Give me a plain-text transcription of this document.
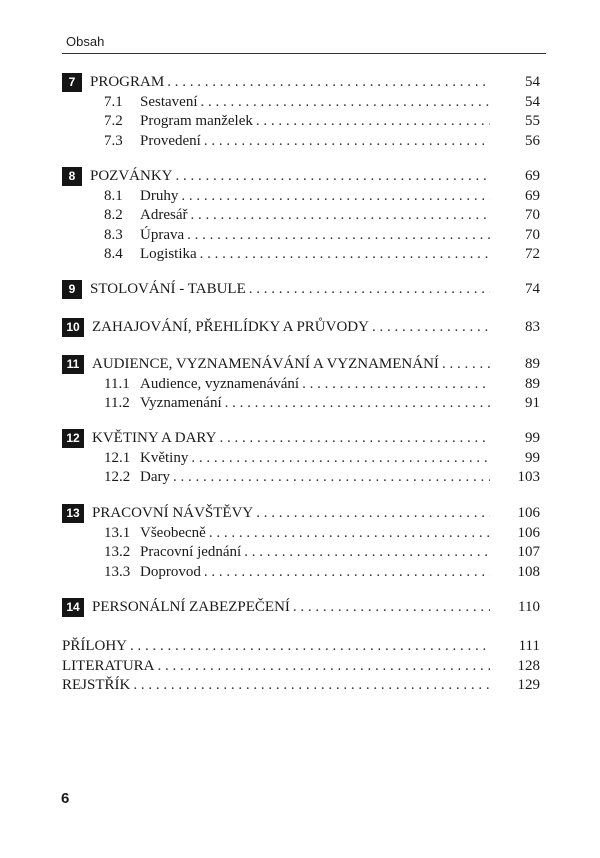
Obsah
7 PROGRAM . . .	54
7.1	Sestavení . . .	54
7.2	Program manželek . . .	55
7.3	Provedení . . .	56
8 POZVÁNKY . . .	69
8.1	Druhy . . .	69
8.2	Adresář . . .	70
8.3	Úprava . . .	70
8.4	Logistika . . .	72
9 STOLOVÁNÍ - TABULE . . .	74
10 ZAHAJOVÁNÍ, PŘEHLÍDKY A PRŮVODY . . .	83
11 AUDIENCE, VYZNAMENÁVÁNÍ A VYZNAMENÁNÍ . . .	89
11.1 Audience, vyznamenávání . . .	89
11.2 Vyznamenání . . .	91
12 KVĚTINY A DARY . . .	99
12.1 Květiny . . .	99
12.2 Dary . . .	103
13 PRACOVNÍ NÁVŠTĚVY . . .	106
13.1 Všeobecně . . .	106
13.2 Pracovní jednání . . .	107
13.3 Doprovod . . .	108
14 PERSONÁLNÍ ZABEZPEČENÍ . . .	110
PŘÍLOHY . . .	111
LITERATURA . . .	128
REJSTŘÍK . . .	129
6
